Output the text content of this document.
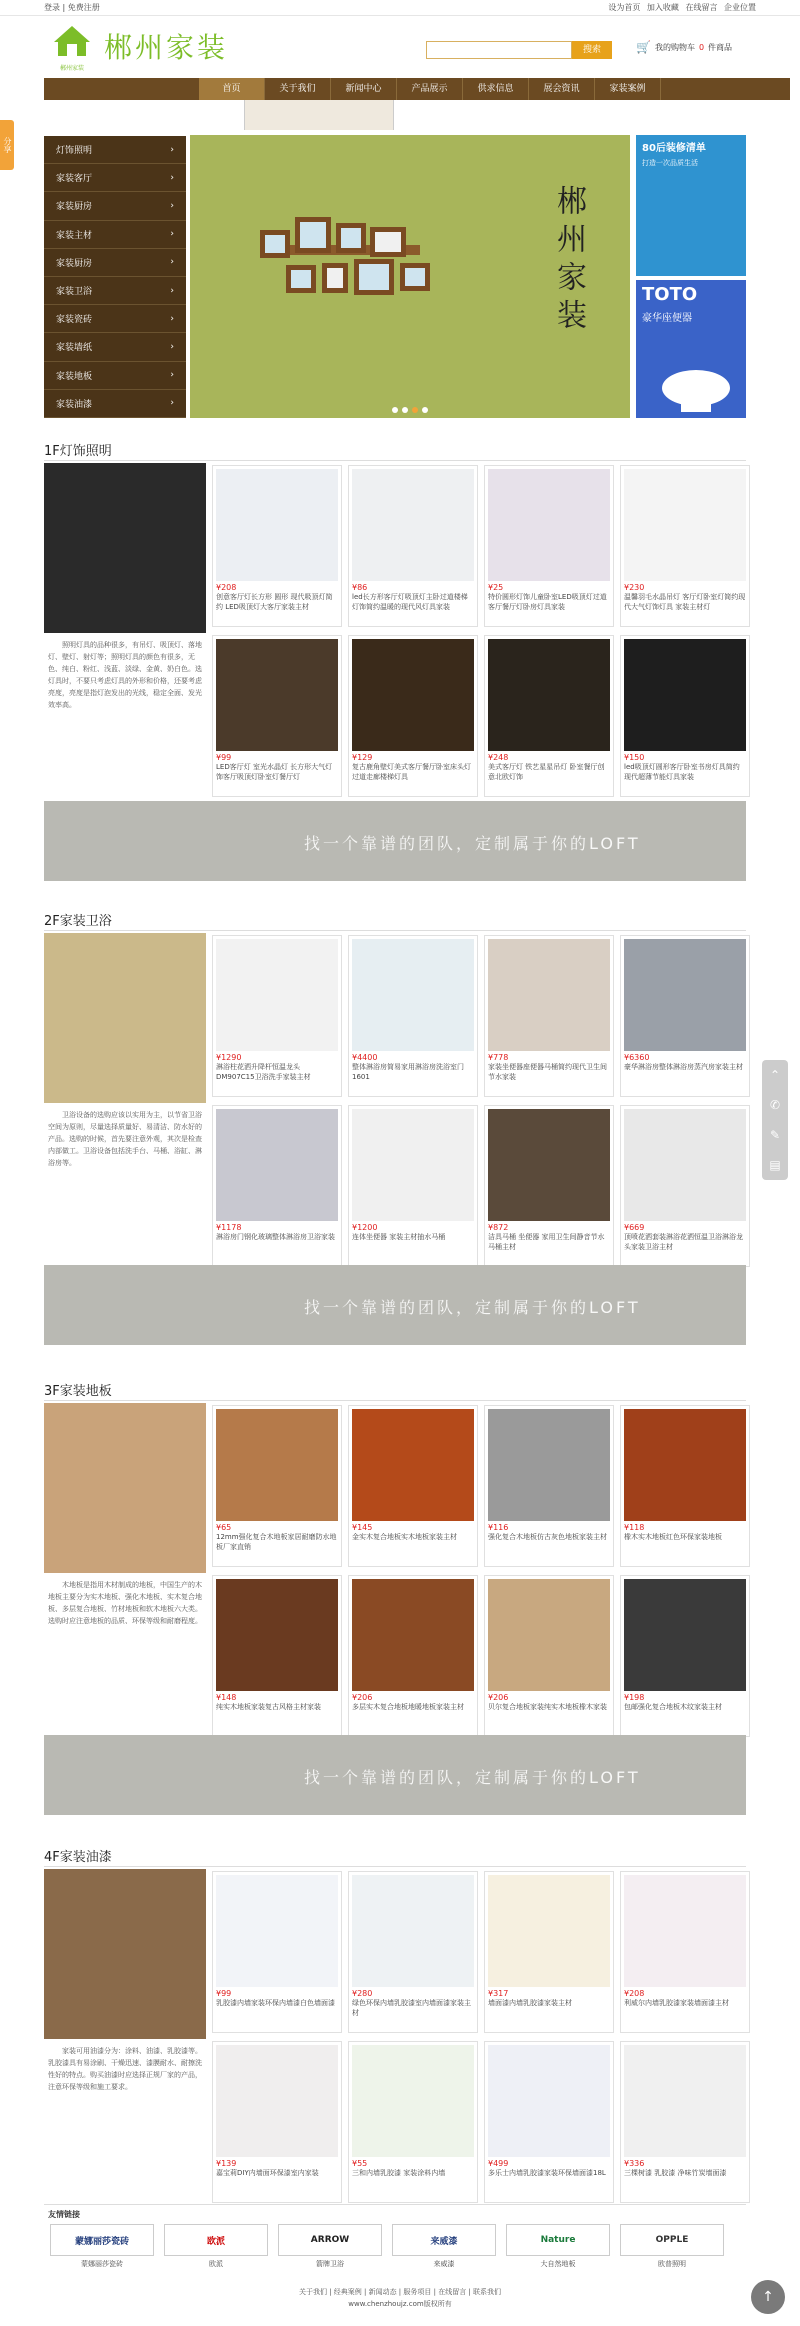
登录 | 免费注册	设为首页 加入收藏 在线留言 企业位置
郴州家装
郴州家装	搜索	🛒 我的购物车 0 件商品
首页	关于我们	新闻中心	产品展示	供求信息	展会资讯	家装案例
分享	灯饰照明	›
家装客厅	›
家装厨房	›
家装主材	›
家装厨房	›
家装卫浴	›
家装瓷砖	›
家装墙纸	›
家装地板	›
家装油漆	›
郴州家装
80后装修清单
打造一次品质生活
TOTO
豪华座便器
1F灯饰照明
照明灯具的品种很多，有吊灯、吸顶灯、落地灯、壁灯、射灯等；照明灯具的颜色有很多，无色、纯白、粉红、浅蓝、淡绿、金黄、奶白色。选灯具时，不要只考虑灯具的外形和价格，还要考虑亮度，亮度是指灯泡发出的光线，稳定全面、发光效率高。
¥208
创意客厅灯长方形 圆形 现代吸顶灯简约 LED吸顶灯大客厅家装主材
¥86
led长方形客厅灯吸顶灯主卧过道楼梯灯饰简约温暖的现代风灯具家装
¥25
特价圆形灯饰儿童卧室LED吸顶灯过道客厅餐厅灯卧房灯具家装
¥230
温馨羽毛水晶吊灯 客厅灯卧室灯简约现代大气灯饰灯具 家装主材灯
¥99
LED客厅灯 室光水晶灯 长方形大气灯饰客厅吸顶灯卧室灯餐厅灯
¥129
复古鹿角壁灯美式客厅餐厅卧室床头灯过道走廊楼梯灯具
¥248
美式客厅灯 铁艺星星吊灯 卧室餐厅创意北欧灯饰
¥150
led吸顶灯圆形客厅卧室书房灯具简约现代超薄节能灯具家装
找一个靠谱的团队，定制属于你的LOFT
2F家装卫浴
卫浴设备的选购应该以实用为主，以节省卫浴空间为原则，尽量选择质量好、易清洁、防水好的产品。选购的时候，首先要注意外观，其次是检查内部做工。卫浴设备包括洗手台、马桶、浴缸、淋浴房等。
¥1290
淋浴柱花洒升降杆恒温龙头 DM907C15卫浴洗手家装主材
¥4400
整体淋浴房简易家用淋浴房洗浴室门1601
¥778
家装坐便器座便器马桶简约现代卫生间节水家装
¥6360
豪华淋浴房整体淋浴房蒸汽房家装主材
¥1178
淋浴房门钢化玻璃整体淋浴房卫浴家装
¥1200
连体坐便器 家装主材抽水马桶
¥872
洁具马桶 坐便器 家用卫生间静音节水马桶主材
¥669
顶喷花洒套装淋浴花洒恒温卫浴淋浴龙头家装卫浴主材
找一个靠谱的团队，定制属于你的LOFT
3F家装地板
木地板是指用木材制成的地板，中国生产的木地板主要分为实木地板、强化木地板、实木复合地板、多层复合地板、竹材地板和软木地板六大类。选购时应注意地板的品质、环保等级和耐磨程度。
¥65
12mm强化复合木地板家居耐磨防水地板厂家直销
¥145
金实木复合地板实木地板家装主材
¥116
强化复合木地板仿古灰色地板家装主材
¥118
橡木实木地板红色环保家装地板
¥148
纯实木地板家装复古风格主材家装
¥206
多层实木复合地板地暖地板家装主材
¥206
贝尔复合地板家装纯实木地板橡木家装
¥198
包邮强化复合地板木纹家装主材
找一个靠谱的团队，定制属于你的LOFT
4F家装油漆
家装可用油漆分为：涂料、油漆、乳胶漆等。乳胶漆具有易涂刷、干燥迅速、漆膜耐水、耐擦洗性好的特点。购买油漆时应选择正规厂家的产品，注意环保等级和施工要求。
¥99
乳胶漆内墙家装环保内墙漆白色墙面漆
¥280
绿色环保内墙乳胶漆室内墙面漆家装主材
¥317
墙面漆内墙乳胶漆家装主材
¥208
利威尔内墙乳胶漆家装墙面漆主材
¥139
嘉宝莉DIY内墙面环保漆室内家装
¥55
三和内墙乳胶漆 家装涂料内墙
¥499
多乐士内墙乳胶漆家装环保墙面漆18L
¥336
三棵树漆 乳胶漆 净味竹炭墙面漆
友情链接
蒙娜丽莎瓷砖
蒙娜丽莎瓷砖
欧派
欧派
ARROW
箭牌卫浴
来威漆
来威漆
Nature
大自然地板
OPPLE
欧普照明
关于我们 | 经典案例 | 新闻动态 | 服务项目 | 在线留言 | 联系我们
www.chenzhoujz.com版权所有
⌃
✆
✎
▤
↑
